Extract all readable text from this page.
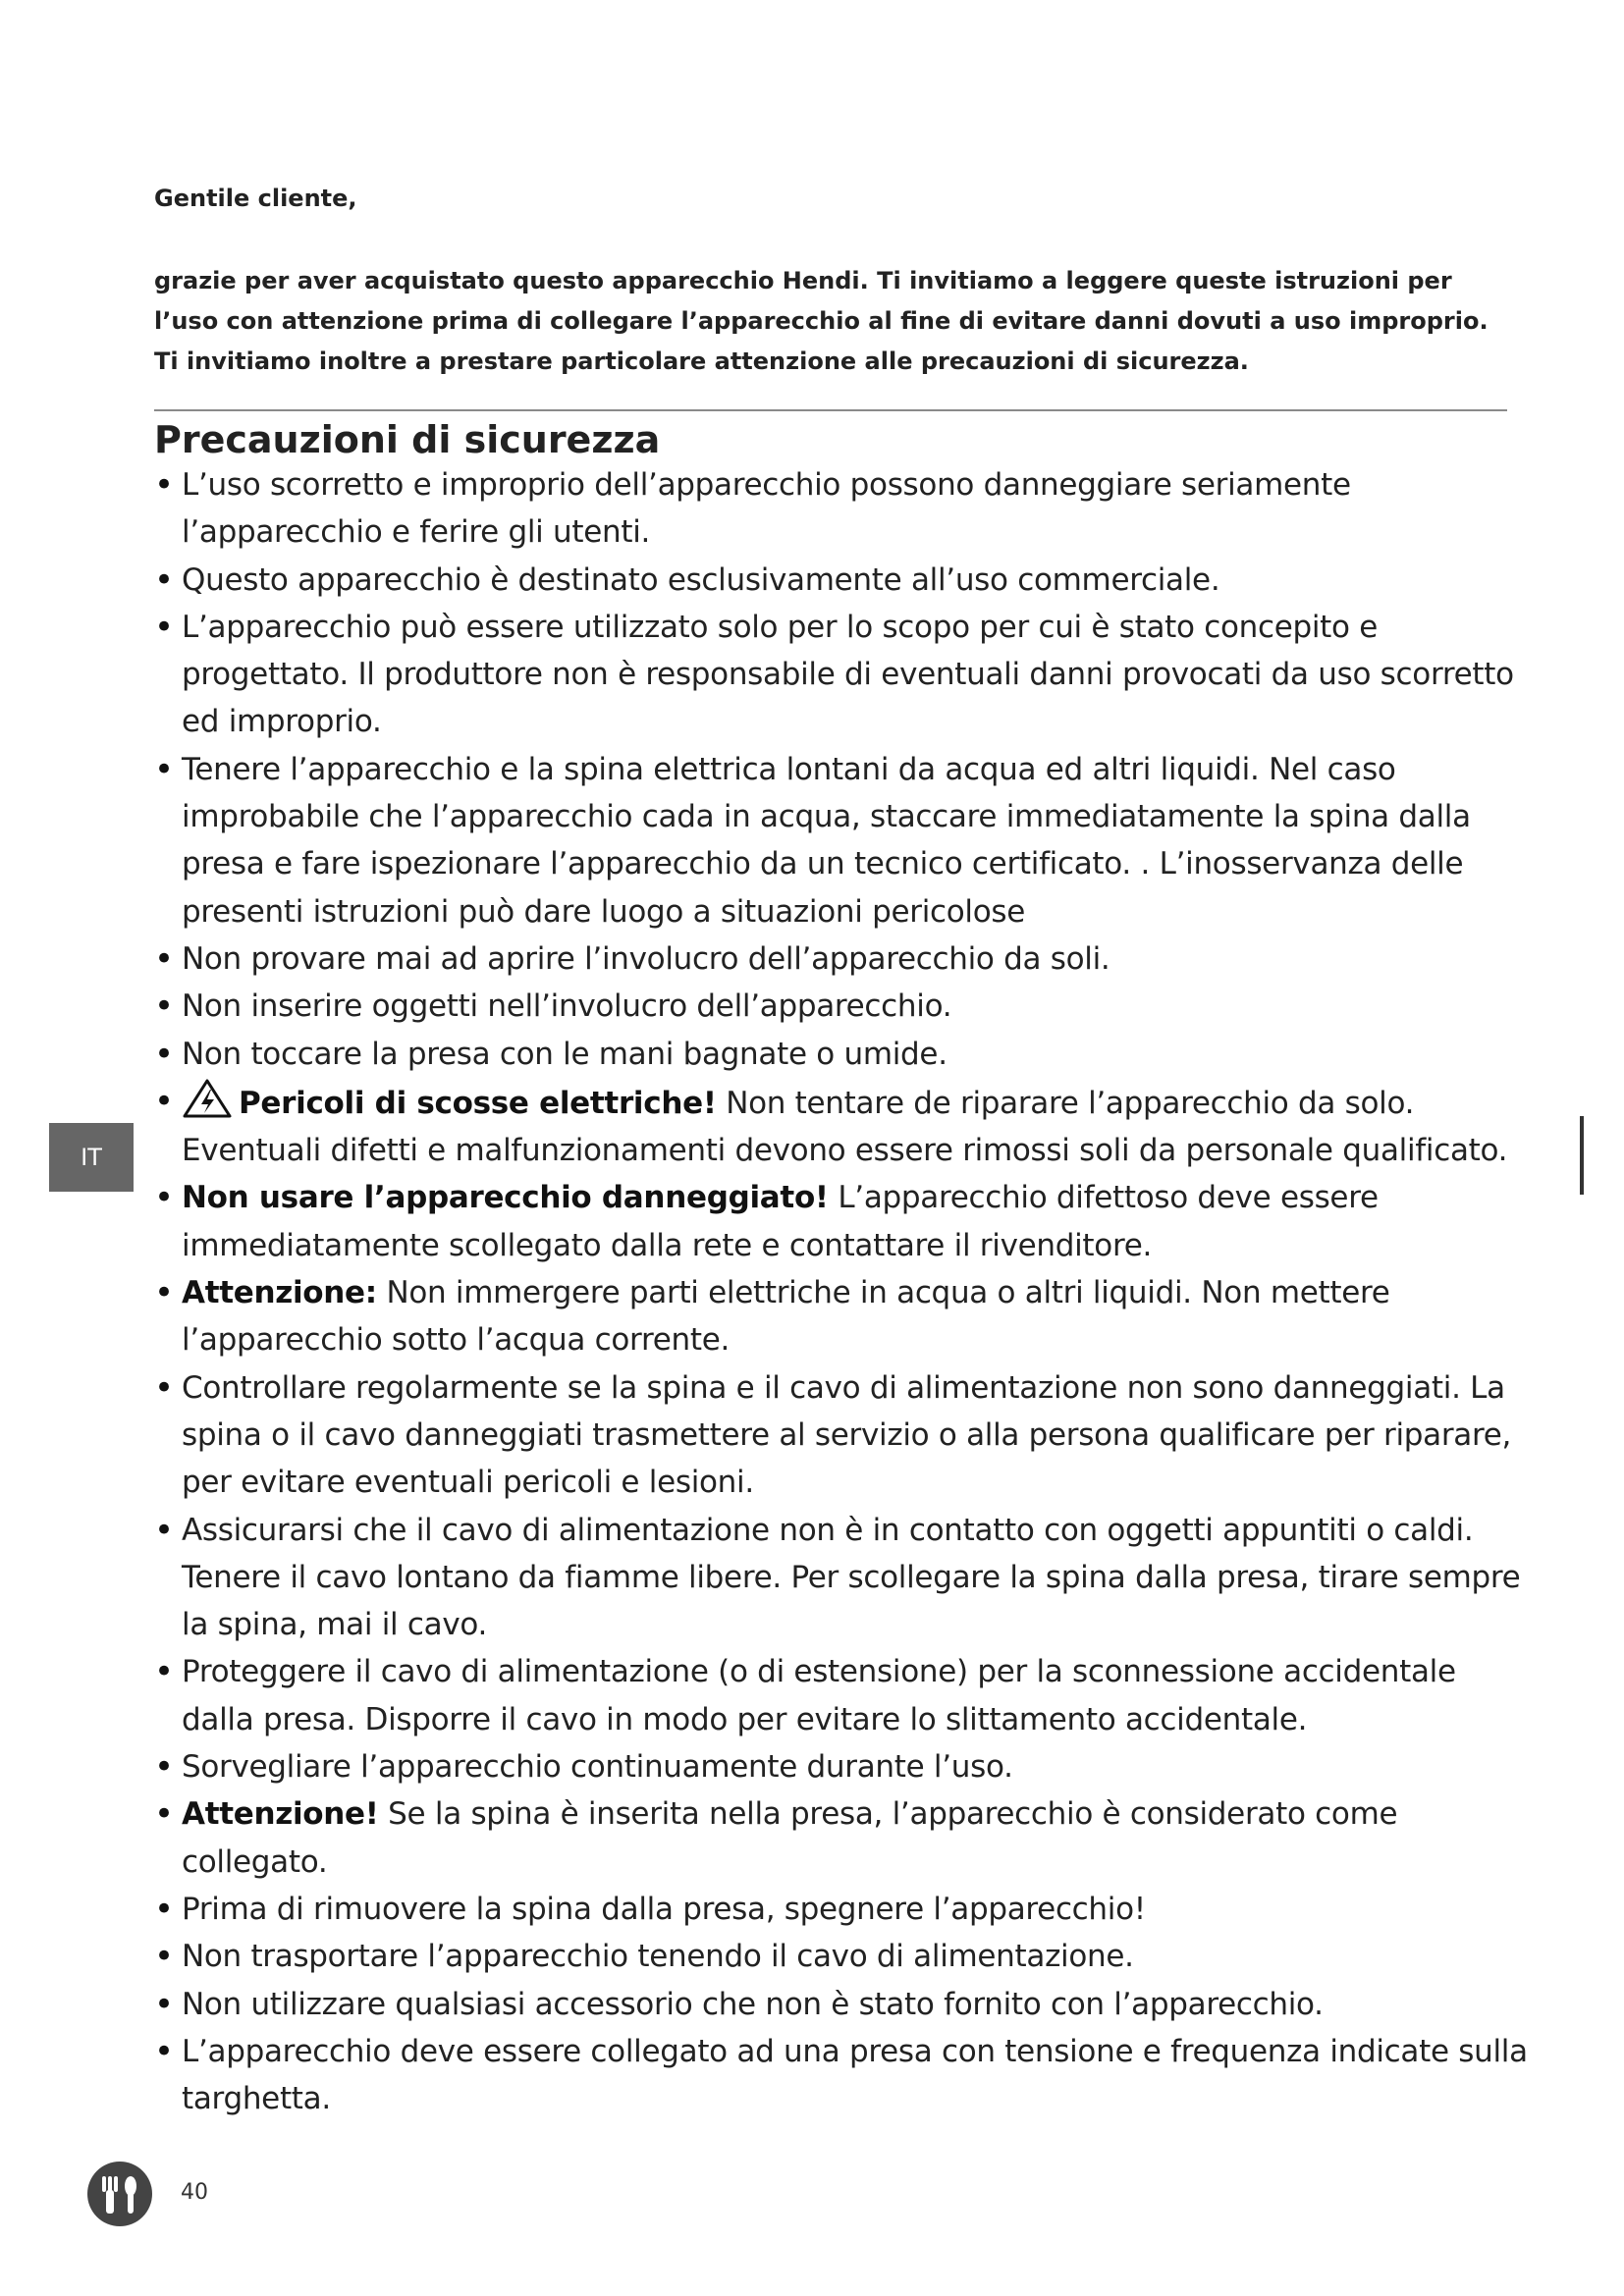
Gentile cliente,

grazie per aver acquistato questo apparecchio Hendi. Ti invitiamo a leggere queste istruzioni per l’uso con attenzione prima di collegare l’apparecchio al fine di evitare danni dovuti a uso improprio. Ti invitiamo inoltre a prestare particolare attenzione alle precauzioni di sicurezza.

Precauzioni di sicurezza
• L’uso scorretto e improprio dell’apparecchio possono danneggiare seriamente l’apparecchio e ferire gli utenti.
• Questo apparecchio è destinato esclusivamente all’uso commerciale.
• L’apparecchio può essere utilizzato solo per lo scopo per cui è stato concepito e progettato. Il produttore non è responsabile di eventuali danni provocati da uso scorretto ed improprio.
• Tenere l’apparecchio e la spina elettrica lontani da acqua ed altri liquidi. Nel caso improbabile che l’apparecchio cada in acqua, staccare immediatamente la spina dalla presa e fare ispezionare l’apparecchio da un tecnico certificato. . L’inosservanza delle presenti istruzioni può dare luogo a situazioni pericolose
• Non provare mai ad aprire l’involucro dell’apparecchio da soli.
• Non inserire oggetti nell’involucro dell’apparecchio.
• Non toccare la presa con le mani bagnate o umide.
• Pericoli di scosse elettriche! Non tentare de riparare l’apparecchio da solo. Eventuali difetti e malfunzionamenti devono essere rimossi soli da personale qualificato.
• Non usare l’apparecchio danneggiato! L’apparecchio difettoso deve essere immediatamente scollegato dalla rete e contattare il rivenditore.
• Attenzione: Non immergere parti elettriche in acqua o altri liquidi. Non mettere l’apparecchio sotto l’acqua corrente.
• Controllare regolarmente se la spina e il cavo di alimentazione non sono danneggiati. La spina o il cavo danneggiati trasmettere al servizio o alla persona qualificare per riparare, per evitare eventuali pericoli e lesioni.
• Assicurarsi che il cavo di alimentazione non è in contatto con oggetti appuntiti o caldi. Tenere il cavo lontano da fiamme libere. Per scollegare la spina dalla presa, tirare sempre la spina, mai il cavo.
• Proteggere il cavo di alimentazione (o di estensione) per la sconnessione accidentale dalla presa. Disporre il cavo in modo per evitare lo slittamento accidentale.
• Sorvegliare l’apparecchio continuamente durante l’uso.
• Attenzione! Se la spina è inserita nella presa, l’apparecchio è considerato come collegato.
• Prima di rimuovere la spina dalla presa, spegnere l’apparecchio!
• Non trasportare l’apparecchio tenendo il cavo di alimentazione.
• Non utilizzare qualsiasi accessorio che non è stato fornito con l’apparecchio.
• L’apparecchio deve essere collegato ad una presa con tensione e frequenza indicate sulla targhetta.
IT
40
